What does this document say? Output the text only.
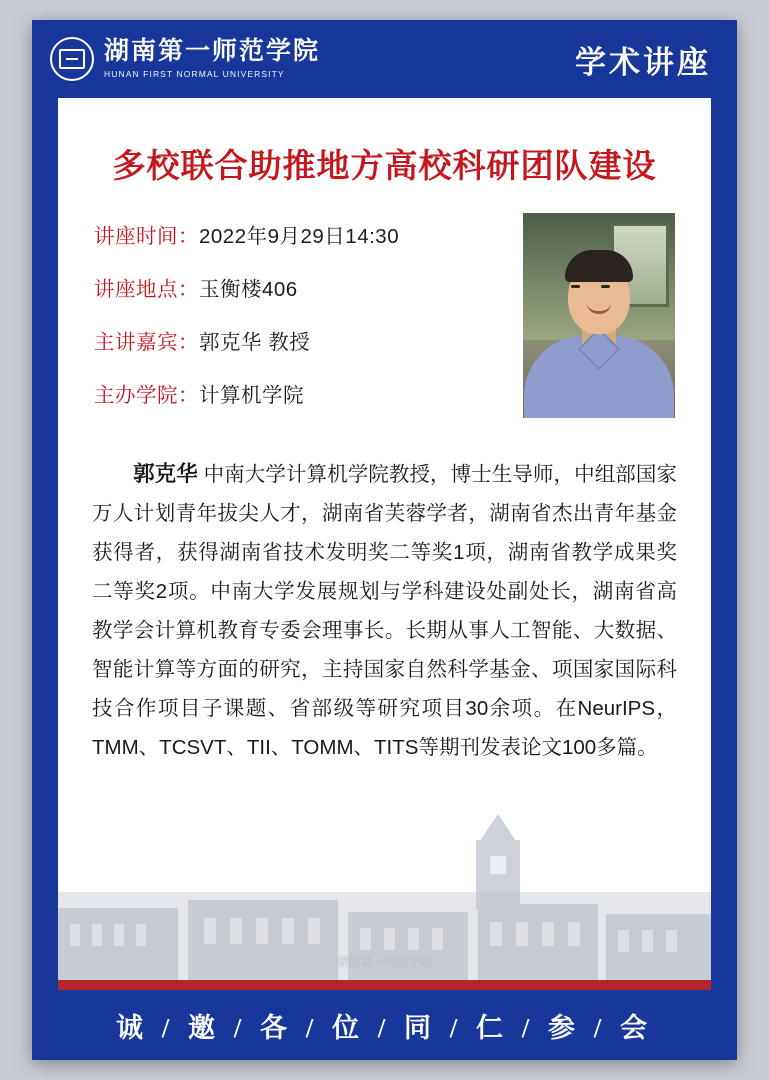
湖南第一师范学院
HUNAN FIRST NORMAL UNIVERSITY	学术讲座
湖南第一师范学院
多校联合助推地方高校科研团队建设
讲座时间：2022年9月29日14:30
讲座地点：玉衡楼406
主讲嘉宾：郭克华 教授
主办学院：计算机学院
郭克华 中南大学计算机学院教授，博士生导师，中组部国家万人计划青年拔尖人才，湖南省芙蓉学者，湖南省杰出青年基金获得者，获得湖南省技术发明奖二等奖1项，湖南省教学成果奖二等奖2项。中南大学发展规划与学科建设处副处长，湖南省高教学会计算机教育专委会理事长。长期从事人工智能、大数据、智能计算等方面的研究，主持国家自然科学基金、项国家国际科技合作项目子课题、省部级等研究项目30余项。在NeurIPS，TMM、TCSVT、TII、TOMM、TITS等期刊发表论文100多篇。
诚 / 邀 / 各 / 位 / 同 / 仁 / 参 / 会
